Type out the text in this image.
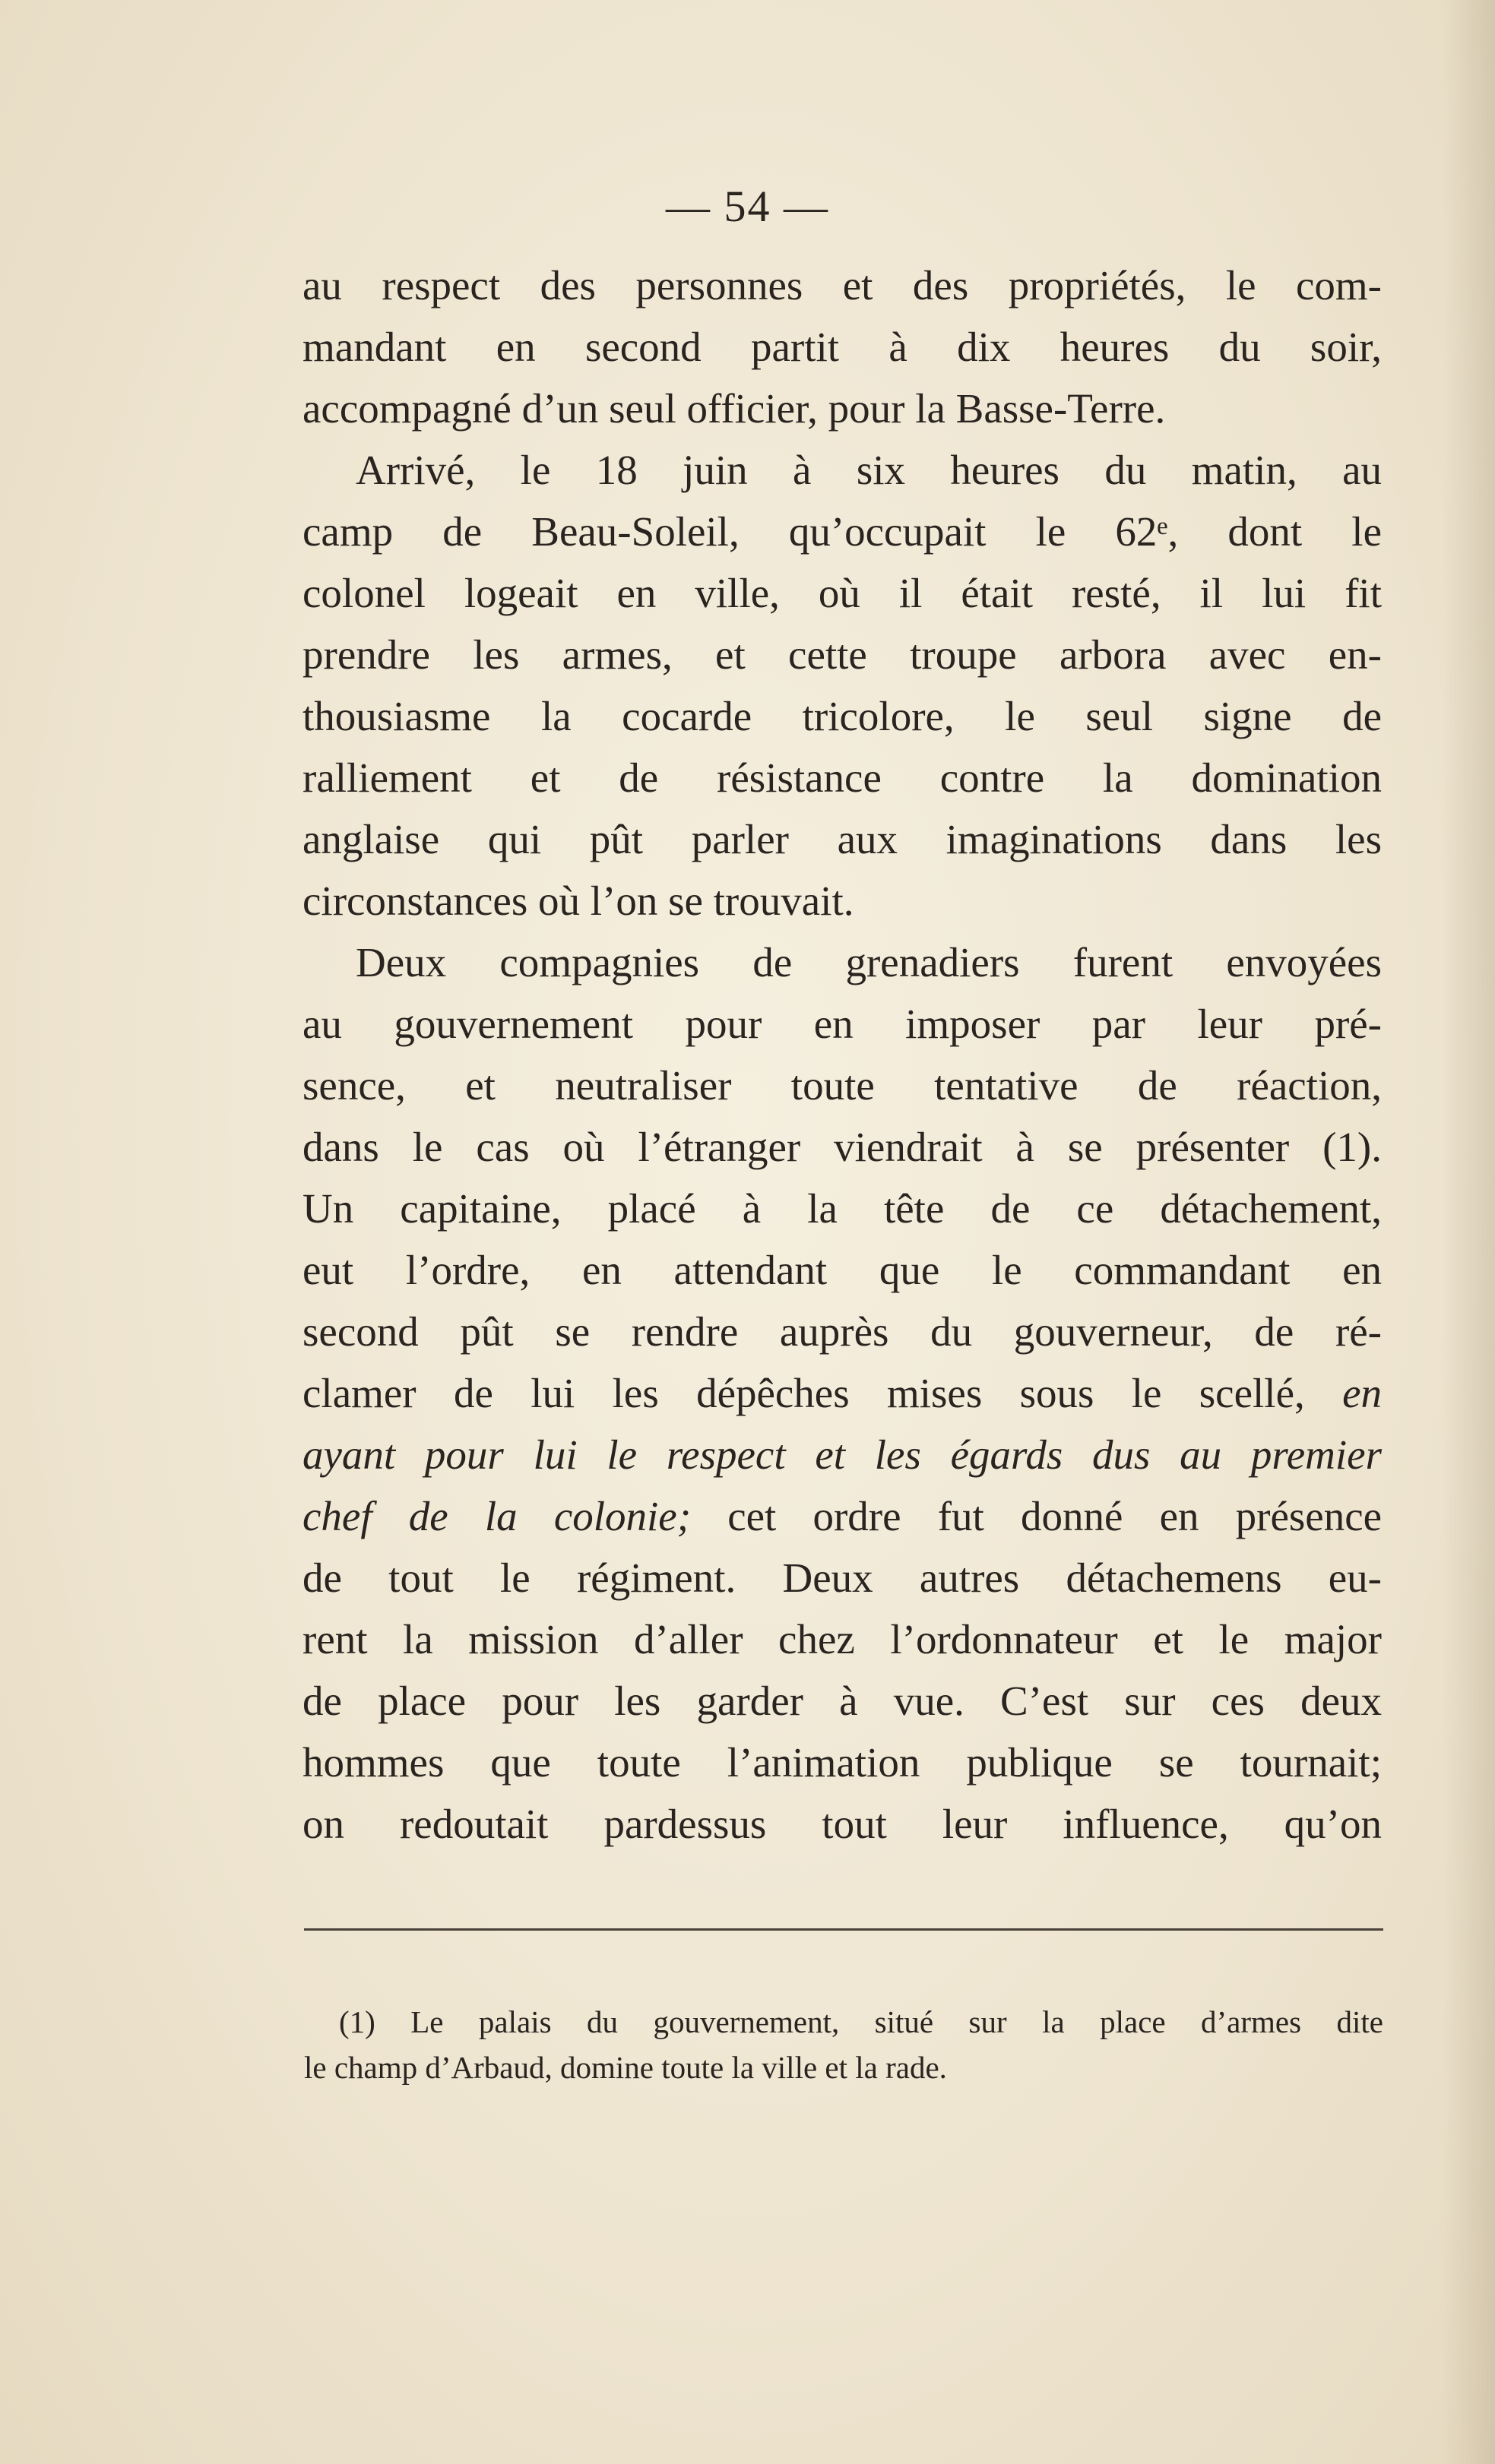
— 54 —
au respect des personnes et des propriétés, le com-
mandant en second partit à dix heures du soir,
accompagné d’un seul officier, pour la Basse-Terre.
Arrivé, le 18 juin à six heures du matin, au
camp de Beau-Soleil, qu’occupait le 62ᵉ, dont le
colonel logeait en ville, où il était resté, il lui fit
prendre les armes, et cette troupe arbora avec en-
thousiasme la cocarde tricolore, le seul signe de
ralliement et de résistance contre la domination
anglaise qui pût parler aux imaginations dans les
circonstances où l’on se trouvait.
Deux compagnies de grenadiers furent envoyées
au gouvernement pour en imposer par leur pré-
sence, et neutraliser toute tentative de réaction,
dans le cas où l’étranger viendrait à se présenter (1).
Un capitaine, placé à la tête de ce détachement,
eut l’ordre, en attendant que le commandant en
second pût se rendre auprès du gouverneur, de ré-
clamer de lui les dépêches mises sous le scellé, en
ayant pour lui le respect et les égards dus au premier
chef de la colonie; cet ordre fut donné en présence
de tout le régiment. Deux autres détachemens eu-
rent la mission d’aller chez l’ordonnateur et le major
de place pour les garder à vue. C’est sur ces deux
hommes que toute l’animation publique se tournait;
on redoutait pardessus tout leur influence, qu’on
(1) Le palais du gouvernement, situé sur la place d’armes dite
le champ d’Arbaud, domine toute la ville et la rade.
